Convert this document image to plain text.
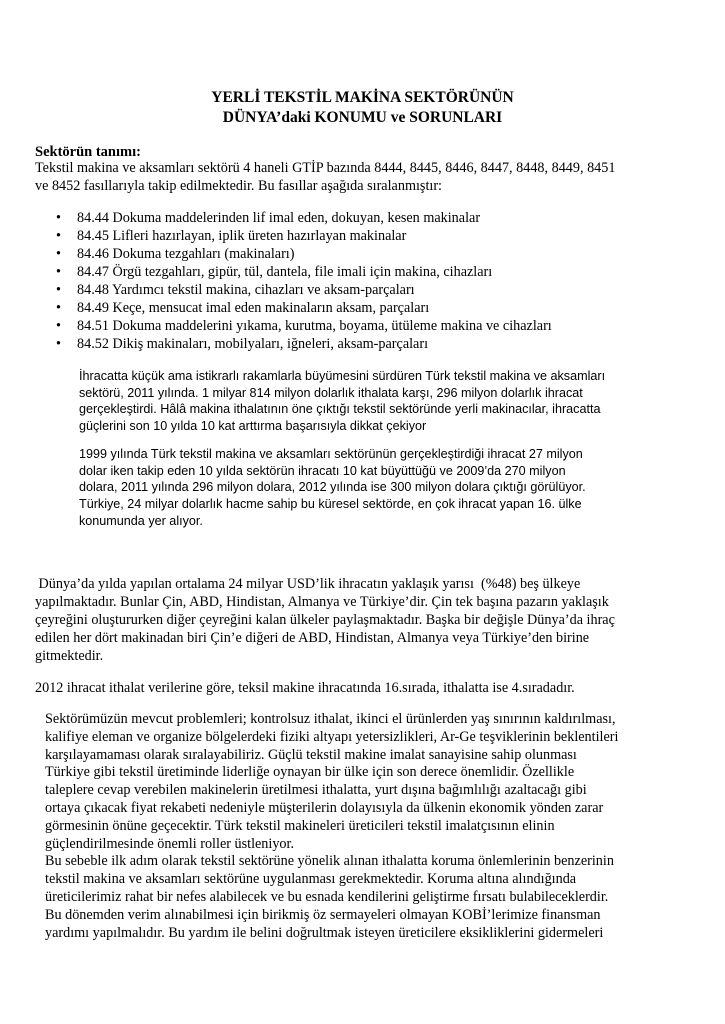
YERLİ TEKSTİL MAKİNA SEKTÖRÜNÜN
DÜNYA’daki KONUMU ve SORUNLARI
Sektörün tanımı:
Tekstil makina ve aksamları sektörü 4 haneli GTİP bazında 8444, 8445, 8446, 8447, 8448, 8449, 8451
ve 8452 fasıllarıyla takip edilmektedir. Bu fasıllar aşağıda sıralanmıştır:
• 84.44 Dokuma maddelerinden lif imal eden, dokuyan, kesen makinalar
• 84.45 Lifleri hazırlayan, iplik üreten hazırlayan makinalar
• 84.46 Dokuma tezgahları (makinaları)
• 84.47 Örgü tezgahları, gipür, tül, dantela, file imali için makina, cihazları
• 84.48 Yardımcı tekstil makina, cihazları ve aksam-parçaları
• 84.49 Keçe, mensucat imal eden makinaların aksam, parçaları
• 84.51 Dokuma maddelerini yıkama, kurutma, boyama, ütüleme makina ve cihazları
• 84.52 Dikiş makinaları, mobilyaları, iğneleri, aksam-parçaları
İhracatta küçük ama istikrarlı rakamlarla büyümesini sürdüren Türk tekstil makina ve aksamları
sektörü, 2011 yılında. 1 milyar 814 milyon dolarlık ithalata karşı, 296 milyon dolarlık ihracat
gerçekleştirdi. Hâlâ makina ithalatının öne çıktığı tekstil sektöründe yerli makinacılar, ihracatta
güçlerini son 10 yılda 10 kat arttırma başarısıyla dikkat çekiyor
1999 yılında Türk tekstil makina ve aksamları sektörünün gerçekleştirdiği ihracat 27 milyon
dolar iken takip eden 10 yılda sektörün ihracatı 10 kat büyüttüğü ve 2009’da 270 milyon
dolara, 2011 yılında 296 milyon dolara, 2012 yılında ise 300 milyon dolara çıktığı görülüyor.
Türkiye, 24 milyar dolarlık hacme sahip bu küresel sektörde, en çok ihracat yapan 16. ülke
konumunda yer alıyor.
Dünya’da yılda yapılan ortalama 24 milyar USD’lik ihracatın yaklaşık yarısı  (%48) beş ülkeye
yapılmaktadır. Bunlar Çin, ABD, Hindistan, Almanya ve Türkiye’dir. Çin tek başına pazarın yaklaşık
çeyreğini oluştururken diğer çeyreğini kalan ülkeler paylaşmaktadır. Başka bir değişle Dünya’da ihraç
edilen her dört makinadan biri Çin’e diğeri de ABD, Hindistan, Almanya veya Türkiye’den birine
gitmektedir.
2012 ihracat ithalat verilerine göre, teksil makine ihracatında 16.sırada, ithalatta ise 4.sıradadır.
Sektörümüzün mevcut problemleri; kontrolsuz ithalat, ikinci el ürünlerden yaş sınırının kaldırılması,
kalifiye eleman ve organize bölgelerdeki fiziki altyapı yetersizlikleri, Ar-Ge teşviklerinin beklentileri
karşılayamaması olarak sıralayabiliriz. Güçlü tekstil makine imalat sanayisine sahip olunması
Türkiye gibi tekstil üretiminde liderliğe oynayan bir ülke için son derece önemlidir. Özellikle
taleplere cevap verebilen makinelerin üretilmesi ithalatta, yurt dışına bağımlılığı azaltacağı gibi
ortaya çıkacak fiyat rekabeti nedeniyle müşterilerin dolayısıyla da ülkenin ekonomik yönden zarar
görmesinin önüne geçecektir. Türk tekstil makineleri üreticileri tekstil imalatçısının elinin
güçlendirilmesinde önemli roller üstleniyor.
Bu sebeble ilk adım olarak tekstil sektörüne yönelik alınan ithalatta koruma önlemlerinin benzerinin
tekstil makina ve aksamları sektörüne uygulanması gerekmektedir. Koruma altına alındığında
üreticilerimiz rahat bir nefes alabilecek ve bu esnada kendilerini geliştirme fırsatı bulabileceklerdir.
Bu dönemden verim alınabilmesi için birikmiş öz sermayeleri olmayan KOBİ’lerimize finansman
yardımı yapılmalıdır. Bu yardım ile belini doğrultmak isteyen üreticilere eksikliklerini gidermeleri
